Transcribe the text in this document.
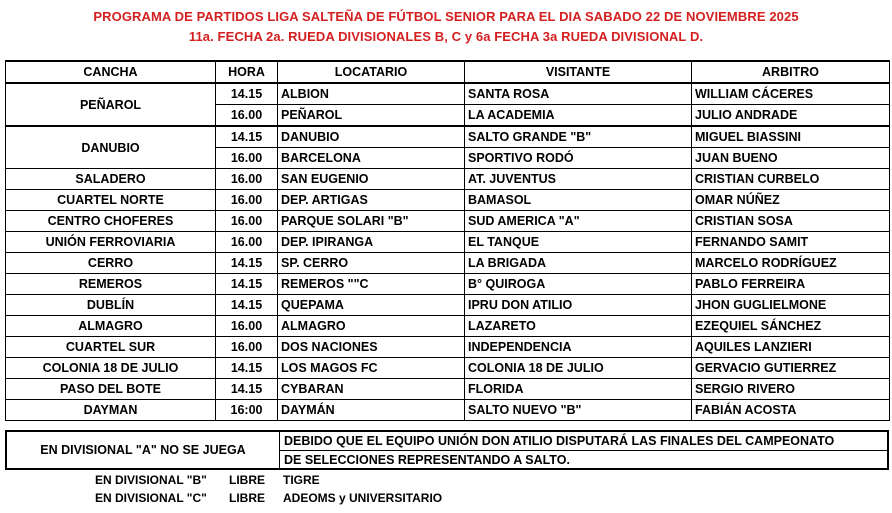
PROGRAMA DE PARTIDOS LIGA SALTEÑA DE FÚTBOL SENIOR PARA EL DIA SABADO 22 DE NOVIEMBRE 2025
11a. FECHA 2a. RUEDA DIVISIONALES B, C y 6a FECHA 3a RUEDA DIVISIONAL D.
CANCHA	HORA	LOCATARIO	VISITANTE	ARBITRO
PEÑAROL	14.15	ALBION	SANTA ROSA	WILLIAM CÁCERES
	16.00	PEÑAROL	LA ACADEMIA	JULIO ANDRADE
DANUBIO	14.15	DANUBIO	SALTO GRANDE "B"	MIGUEL BIASSINI
	16.00	BARCELONA	SPORTIVO RODÓ	JUAN BUENO
SALADERO	16.00	SAN EUGENIO	AT. JUVENTUS	CRISTIAN CURBELO
CUARTEL NORTE	16.00	DEP. ARTIGAS	BAMASOL	OMAR NÚÑEZ
CENTRO CHOFERES	16.00	PARQUE SOLARI "B"	SUD AMERICA "A"	CRISTIAN SOSA
UNIÓN FERROVIARIA	16.00	DEP. IPIRANGA	EL TANQUE	FERNANDO SAMIT
CERRO	14.15	SP. CERRO	LA BRIGADA	MARCELO RODRÍGUEZ
REMEROS	14.15	REMEROS ""C	B° QUIROGA	PABLO FERREIRA
DUBLÍN	14.15	QUEPAMA	IPRU DON ATILIO	JHON GUGLIELMONE
ALMAGRO	16.00	ALMAGRO	LAZARETO	EZEQUIEL SÁNCHEZ
CUARTEL SUR	16.00	DOS NACIONES	INDEPENDENCIA	AQUILES LANZIERI
COLONIA 18 DE JULIO	14.15	LOS MAGOS FC	COLONIA 18 DE JULIO	GERVACIO GUTIERREZ
PASO DEL BOTE	14.15	CYBARAN	FLORIDA	SERGIO RIVERO
DAYMAN	16:00	DAYMÁN	SALTO NUEVO "B"	FABIÁN ACOSTA
EN DIVISIONAL "A" NO SE JUEGA
DEBIDO QUE EL EQUIPO UNIÓN DON ATILIO DISPUTARÁ LAS FINALES DEL CAMPEONATO
DE SELECCIONES REPRESENTANDO A SALTO.
EN DIVISIONAL "B" LIBRE TIGRE
EN DIVISIONAL "C" LIBRE ADEOMS y UNIVERSITARIO
